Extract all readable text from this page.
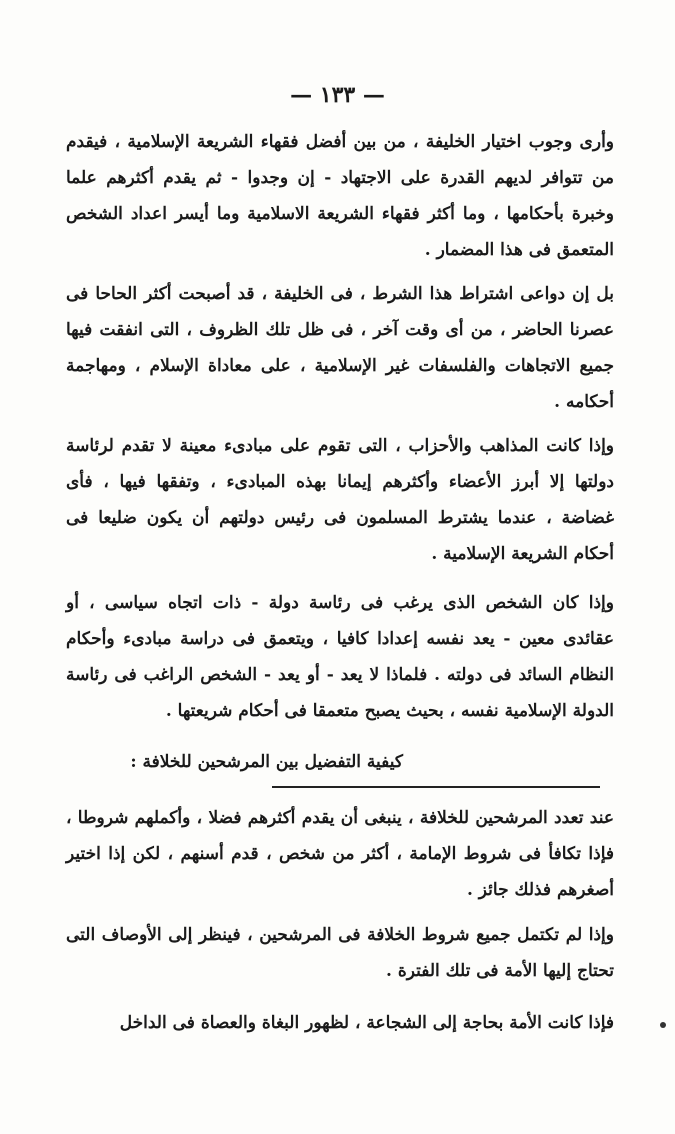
— ١٣٣ —

وأرى وجوب اختيار الخليفة ، من بين أفضل فقهاء الشريعة الإسلامية ، فيقدم من تتوافر لديهم القدرة على الاجتهاد - إن وجدوا - ثم يقدم أكثرهم علما وخبرة بأحكامها ، وما أكثر فقهاء الشريعة الاسلامية وما أيسر اعداد الشخص المتعمق فى هذا المضمار .

بل إن دواعى اشتراط هذا الشرط ، فى الخليفة ، قد أصبحت أكثر الحاحا فى عصرنا الحاضر ، من أى وقت آخر ، فى ظل تلك الظروف ، التى انفقت فيها جميع الاتجاهات والفلسفات غير الإسلامية ، على معاداة الإسلام ، ومهاجمة أحكامه .

وإذا كانت المذاهب والأحزاب ، التى تقوم على مبادىء معينة لا تقدم لرئاسة دولتها إلا أبرز الأعضاء وأكثرهم إيمانا بهذه المبادىء ، وتفقها فيها ، فأى غضاضة ، عندما يشترط المسلمون فى رئيس دولتهم أن يكون ضليعا فى أحكام الشريعة الإسلامية .

وإذا كان الشخص الذى يرغب فى رئاسة دولة - ذات اتجاه سياسى ، أو عقائدى معين - يعد نفسه إعدادا كافيا ، ويتعمق فى دراسة مبادىء وأحكام النظام السائد فى دولته . فلماذا لا يعد - أو يعد - الشخص الراغب فى رئاسة الدولة الإسلامية نفسه ، بحيث يصبح متعمقا فى أحكام شريعتها .

كيفية التفضيل بين المرشحين للخلافة :

عند تعدد المرشحين للخلافة ، ينبغى أن يقدم أكثرهم فضلا ، وأكملهم شروطا ، فإذا تكافأ فى شروط الإمامة ، أكثر من شخص ، قدم أسنهم ، لكن إذا اختير أصغرهم فذلك جائز .

وإذا لم تكتمل جميع شروط الخلافة فى المرشحين ، فينظر إلى الأوصاف التى تحتاج إليها الأمة فى تلك الفترة .

فإذا كانت الأمة بحاجة إلى الشجاعة ، لظهور البغاة والعصاة فى الداخل
